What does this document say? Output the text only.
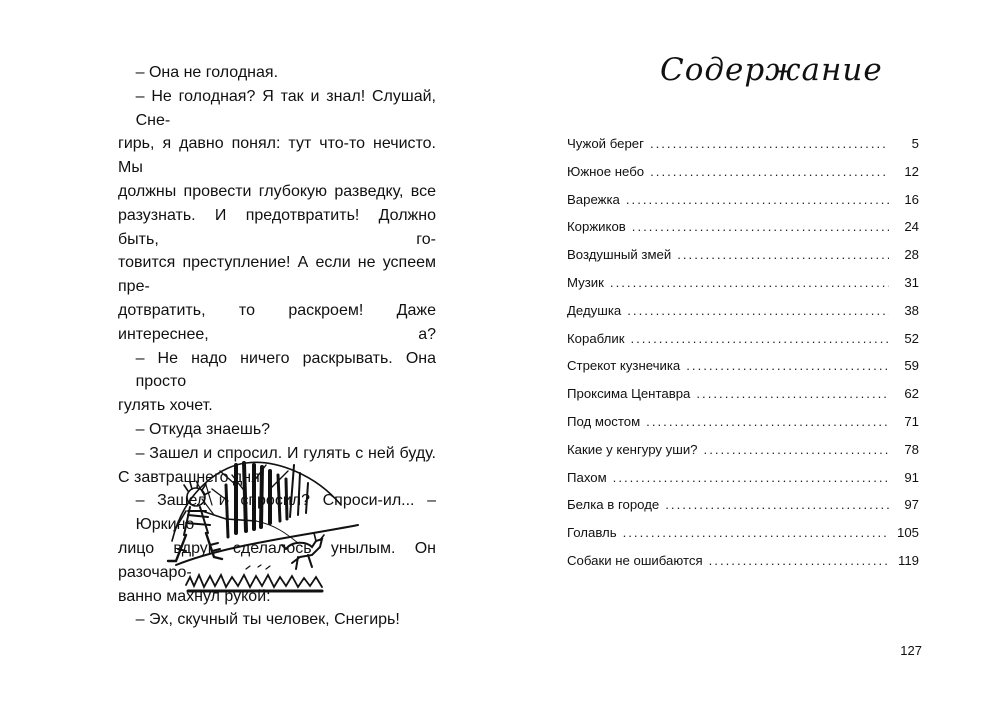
– Она не голодная.
– Не голодная? Я так и знал! Слушай, Сне-
гирь, я давно понял: тут что-то нечисто. Мы
должны провести глубокую разведку, все
разузнать. И предотвратить! Должно быть, го-
товится преступление! А если не успеем пре-
дотвратить, то раскроем! Даже интереснее, а?
– Не надо ничего раскрывать. Она просто
гулять хочет.
– Откуда знаешь?
– Зашел и спросил. И гулять с ней буду.
С завтрашнего дня.
– Зашел и спросил? Спроси-ил... – Юркино
лицо вдруг сделалось унылым. Он разочаро-
ванно махнул рукой:
– Эх, скучный ты человек, Снегирь!
Содержание
Чужой берег .....	5
Южное небо .....	12
Варежка .....	16
Коржиков .....	24
Воздушный змей .....	28
Музик .....	31
Дедушка .....	38
Кораблик .....	52
Стрекот кузнечика .....	59
Проксима Центавра .....	62
Под мостом .....	71
Какие у кенгуру уши? .....	78
Пахом .....	91
Белка в городе .....	97
Голавль .....	105
Собаки не ошибаются .....	119
127
